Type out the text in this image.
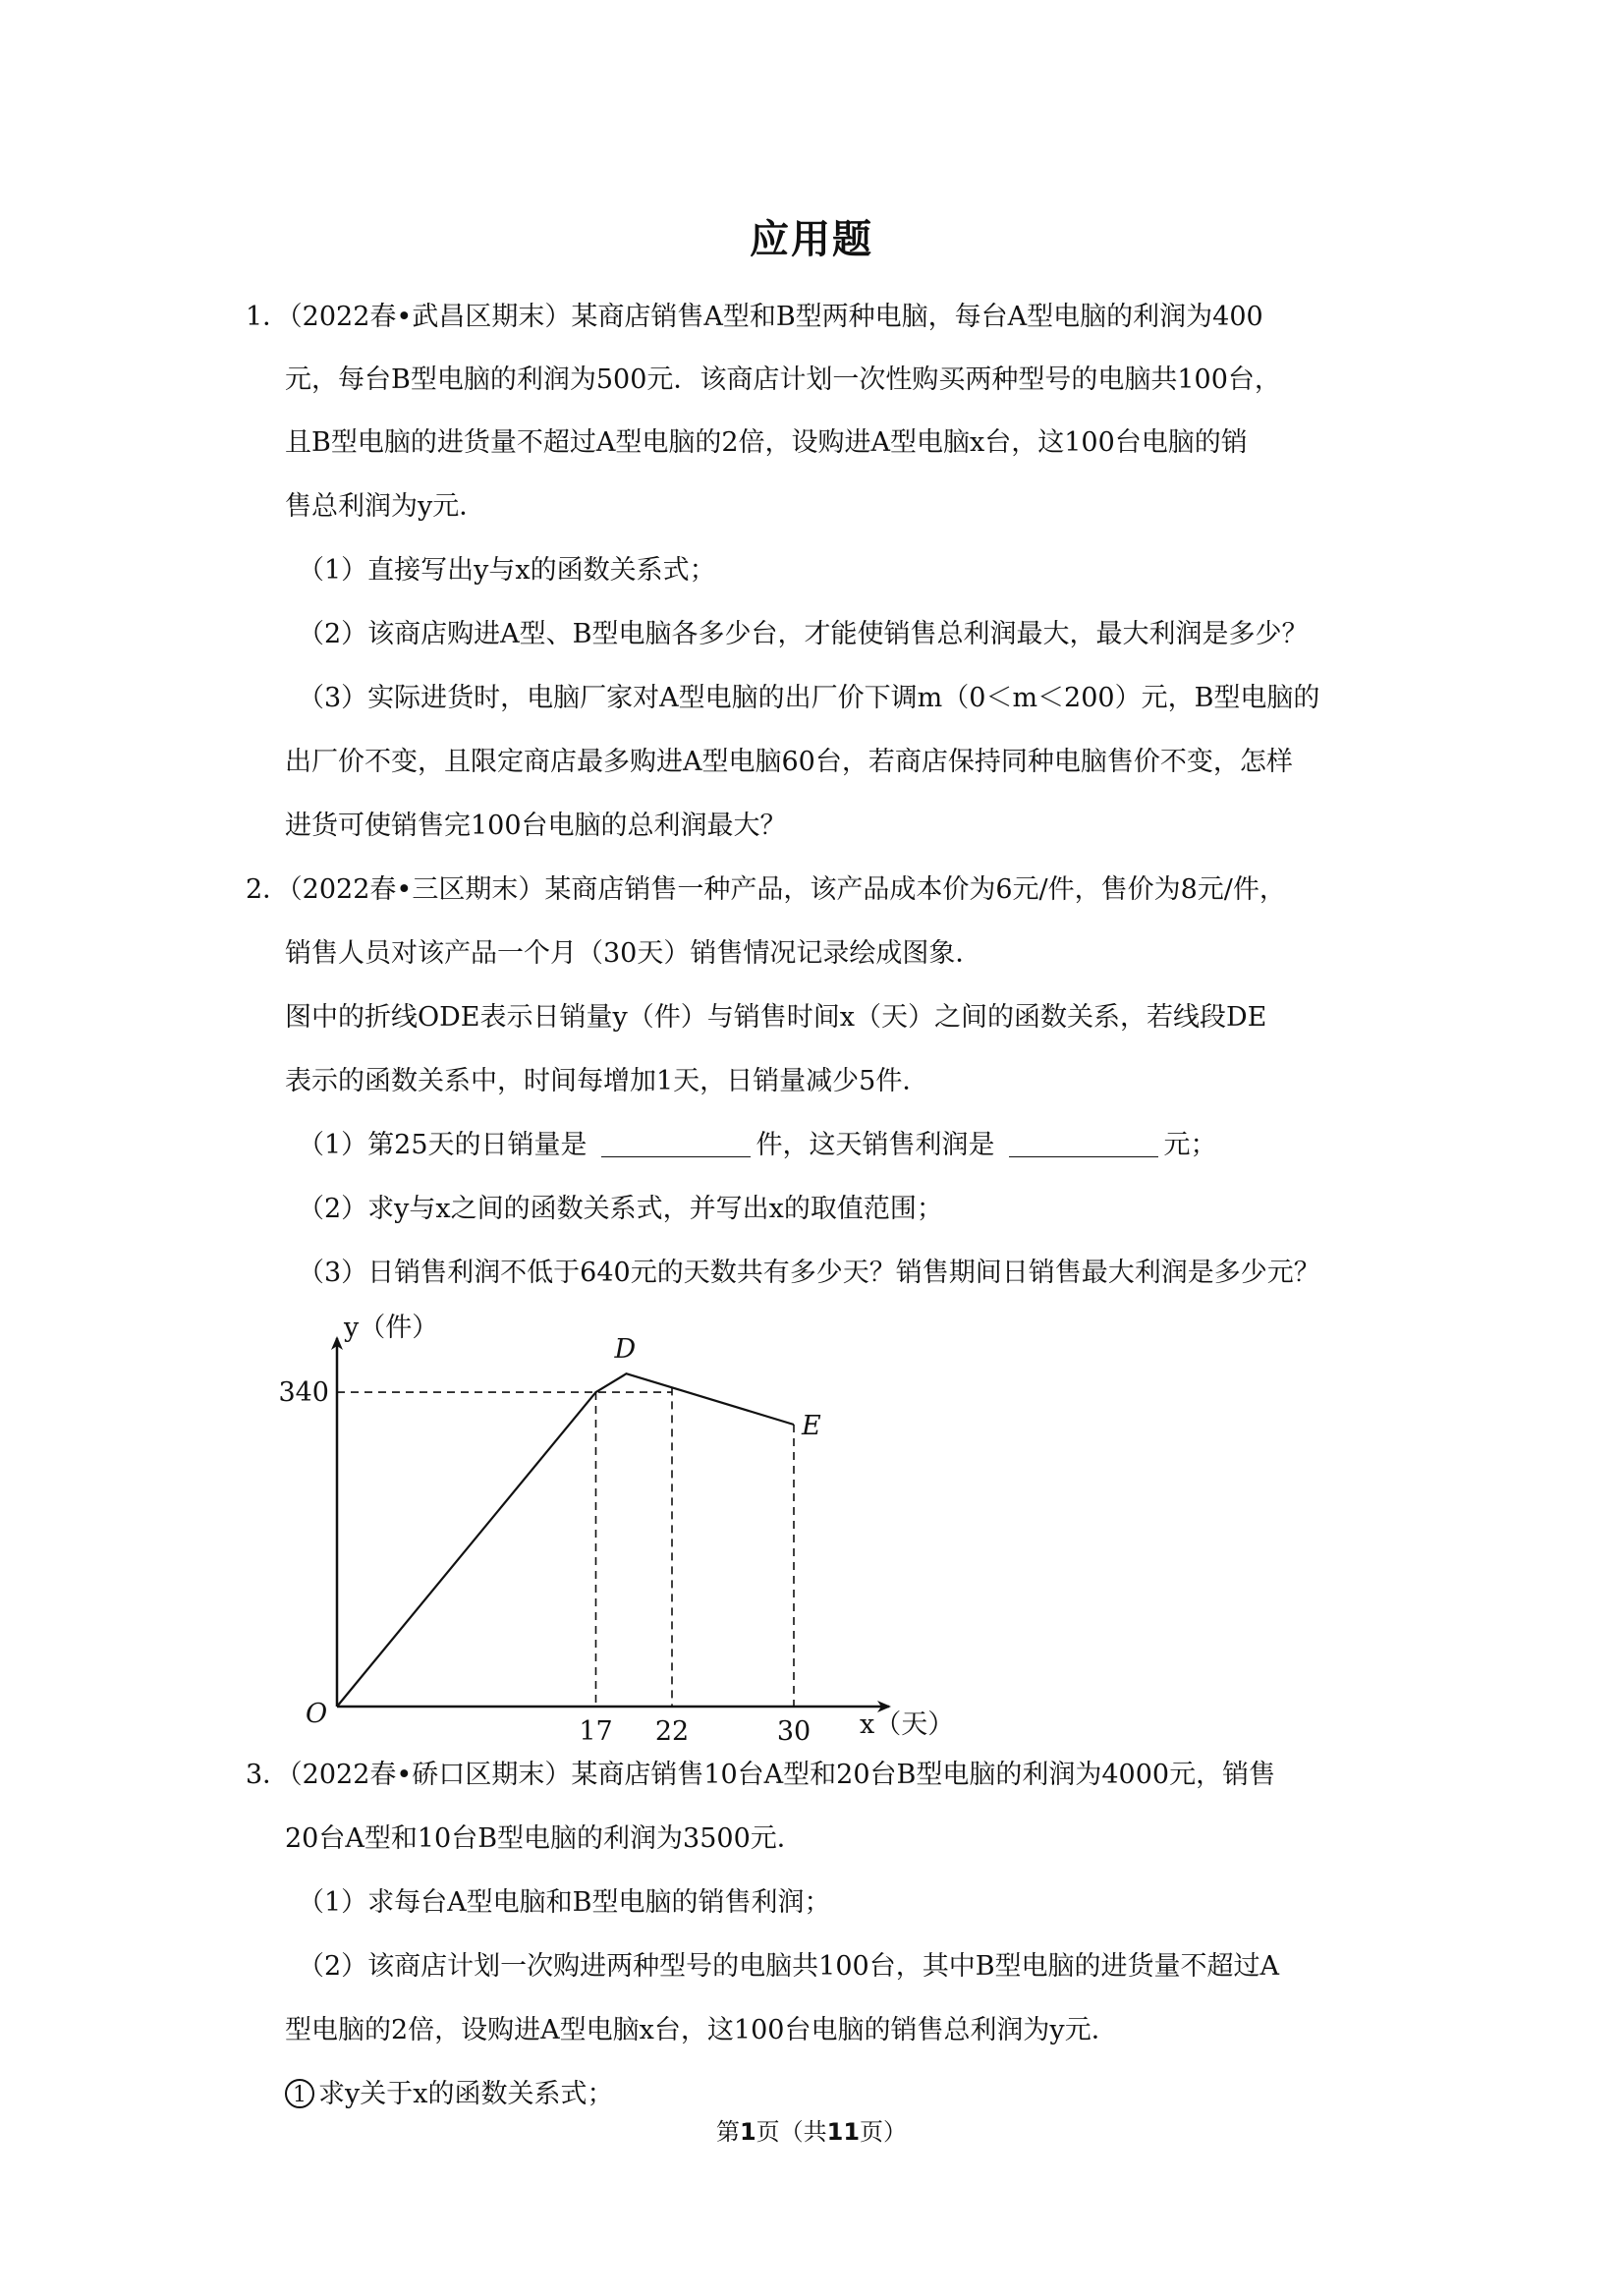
应用题
1．（2022春•武昌区期末）某商店销售A型和B型两种电脑，每台A型电脑的利润为400
元，每台B型电脑的利润为500元．该商店计划一次性购买两种型号的电脑共100台，
且B型电脑的进货量不超过A型电脑的2倍，设购进A型电脑x台，这100台电脑的销
售总利润为y元．
（1）直接写出y与x的函数关系式；
（2）该商店购进A型、B型电脑各多少台，才能使销售总利润最大，最大利润是多少？
（3）实际进货时，电脑厂家对A型电脑的出厂价下调m（0＜m＜200）元，B型电脑的
出厂价不变，且限定商店最多购进A型电脑60台，若商店保持同种电脑售价不变，怎样
进货可使销售完100台电脑的总利润最大？
2．（2022春•三区期末）某商店销售一种产品，该产品成本价为6元/件，售价为8元/件，
销售人员对该产品一个月（30天）销售情况记录绘成图象．
图中的折线ODE表示日销量y（件）与销售时间x（天）之间的函数关系，若线段DE
表示的函数关系中，时间每增加1天，日销量减少5件．
（1）第25天的日销量是	件，这天销售利润是	元；
（2）求y与x之间的函数关系式，并写出x的取值范围；
（3）日销售利润不低于640元的天数共有多少天？销售期间日销售最大利润是多少元？
17 22	30
340
D
E
y（件）
x（天）
O
3．（2022春•硚口区期末）某商店销售10台A型和20台B型电脑的利润为4000元，销售
20台A型和10台B型电脑的利润为3500元．
（1）求每台A型电脑和B型电脑的销售利润；
（2）该商店计划一次购进两种型号的电脑共100台，其中B型电脑的进货量不超过A
型电脑的2倍，设购进A型电脑x台，这100台电脑的销售总利润为y元．
1 求y关于x的函数关系式；
第1页（共11页）
